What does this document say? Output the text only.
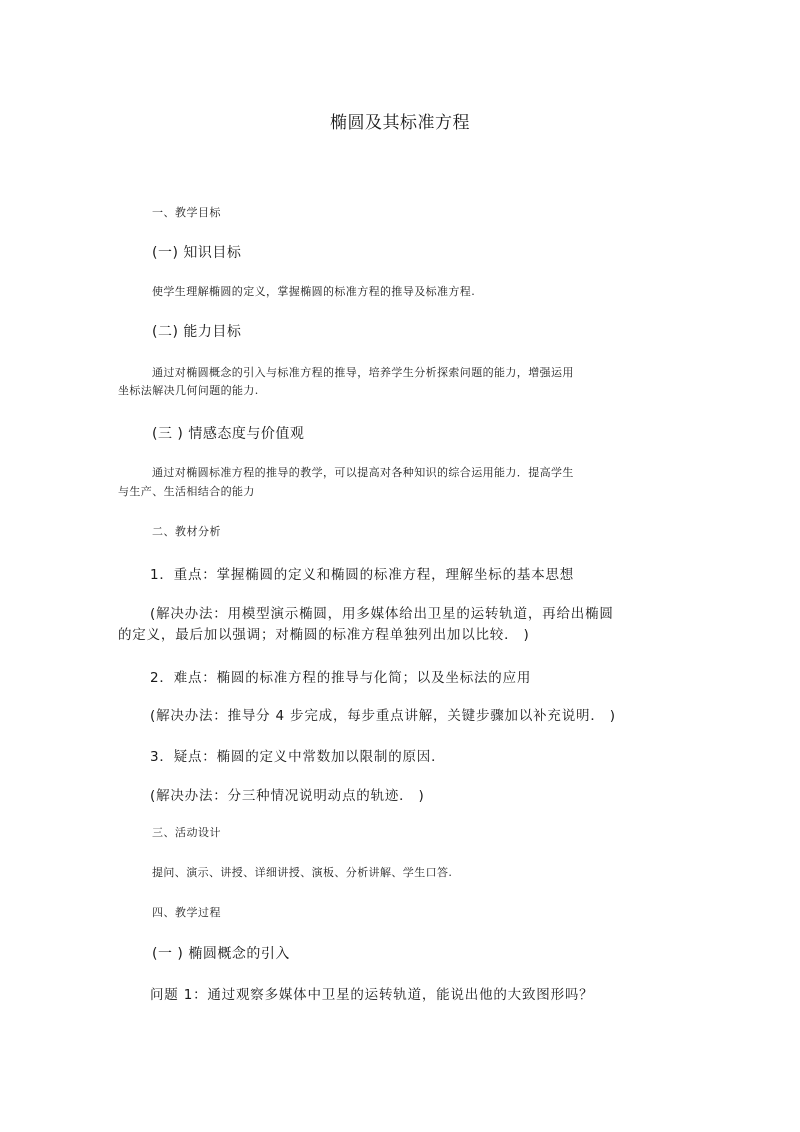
椭圆及其标准方程

一、教学目标

(一) 知识目标

使学生理解椭圆的定义，掌握椭圆的标准方程的推导及标准方程.

(二) 能力目标

通过对椭圆概念的引入与标准方程的推导，培养学生分析探索问题的能力，增强运用

坐标法解决几何问题的能力.

(三 ) 情感态度与价值观

通过对椭圆标准方程的推导的教学，可以提高对各种知识的综合运用能力．提高学生

与生产、生活相结合的能力

二、教材分析

1．重点：掌握椭圆的定义和椭圆的标准方程，理解坐标的基本思想

(解决办法：用模型演示椭圆，用多媒体给出卫星的运转轨道，再给出椭圆

的定义，最后加以强调；对椭圆的标准方程单独列出加以比较． )

2．难点：椭圆的标准方程的推导与化简；以及坐标法的应用

(解决办法：推导分 4 步完成，每步重点讲解，关键步骤加以补充说明． )

3．疑点：椭圆的定义中常数加以限制的原因．

(解决办法：分三种情况说明动点的轨迹． )

三、活动设计

提问、演示、讲授、详细讲授、演板、分析讲解、学生口答.

四、教学过程

(一 ) 椭圆概念的引入

问题 1：通过观察多媒体中卫星的运转轨道，能说出他的大致图形吗？
